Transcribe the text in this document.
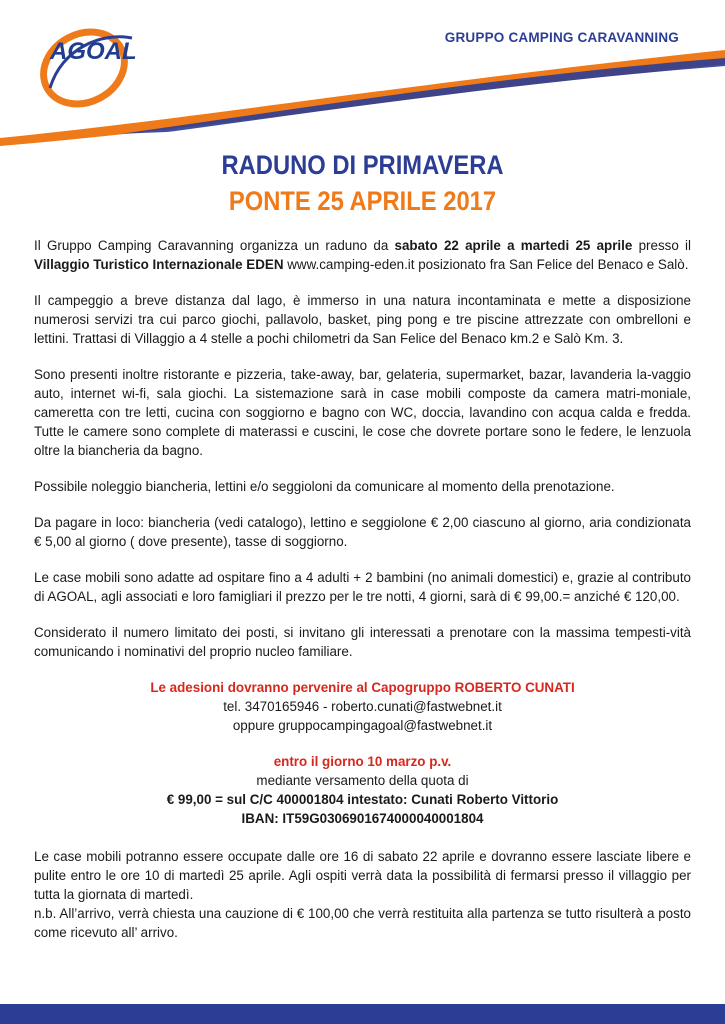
AGOAL
GRUPPO CAMPING CARAVANNING
RADUNO DI PRIMAVERA
PONTE 25 APRILE 2017

Il Gruppo Camping Caravanning organizza un raduno da sabato 22 aprile a martedi 25 aprile presso il Villaggio Turistico Internazionale EDEN www.camping-eden.it posizionato fra San Felice del Benaco e Salò.

Il campeggio a breve distanza dal lago, è immerso in una natura incontaminata e mette a disposizione numerosi servizi tra cui parco giochi, pallavolo, basket, ping pong e tre piscine attrezzate con ombrelloni e lettini. Trattasi di Villaggio a 4 stelle a pochi chilometri da San Felice del Benaco km.2 e Salò Km. 3.

Sono presenti inoltre ristorante e pizzeria, take-away, bar, gelateria, supermarket, bazar, lavanderia la-vaggio auto, internet wi-fi, sala giochi. La sistemazione sarà in case mobili composte da camera matri-moniale, cameretta con tre letti, cucina con soggiorno e bagno con WC, doccia, lavandino con acqua calda e fredda. Tutte le camere sono complete di materassi e cuscini, le cose che dovrete portare sono le federe, le lenzuola oltre la biancheria da bagno.

Possibile noleggio biancheria, lettini e/o seggioloni da comunicare al momento della prenotazione.

Da pagare in loco: biancheria (vedi catalogo), lettino e seggiolone € 2,00 ciascuno al giorno, aria condizionata € 5,00 al giorno ( dove presente), tasse di soggiorno.

Le case mobili sono adatte ad ospitare fino a 4 adulti + 2 bambini (no animali domestici) e, grazie al contributo di AGOAL, agli associati e loro famigliari il prezzo per le tre notti, 4 giorni, sarà di € 99,00.= anziché € 120,00.

Considerato il numero limitato dei posti, si invitano gli interessati a prenotare con la massima tempesti-vità comunicando i nominativi del proprio nucleo familiare.

Le adesioni dovranno pervenire al Capogruppo ROBERTO CUNATI

tel. 3470165946 - roberto.cunati@fastwebnet.it

oppure gruppocampingagoal@fastwebnet.it

entro il giorno 10 marzo p.v.

mediante versamento della quota di

€ 99,00 = sul C/C 400001804 intestato: Cunati Roberto Vittorio

IBAN: IT59G0306901674000040001804

Le case mobili potranno essere occupate dalle ore 16 di sabato 22 aprile e dovranno essere lasciate libere e pulite entro le ore 10 di martedì 25 aprile. Agli ospiti verrà data la possibilità di fermarsi presso il villaggio per tutta la giornata di martedì.

n.b. All’arrivo, verrà chiesta una cauzione di € 100,00 che verrà restituita alla partenza se tutto risulterà a posto come ricevuto all’ arrivo.
